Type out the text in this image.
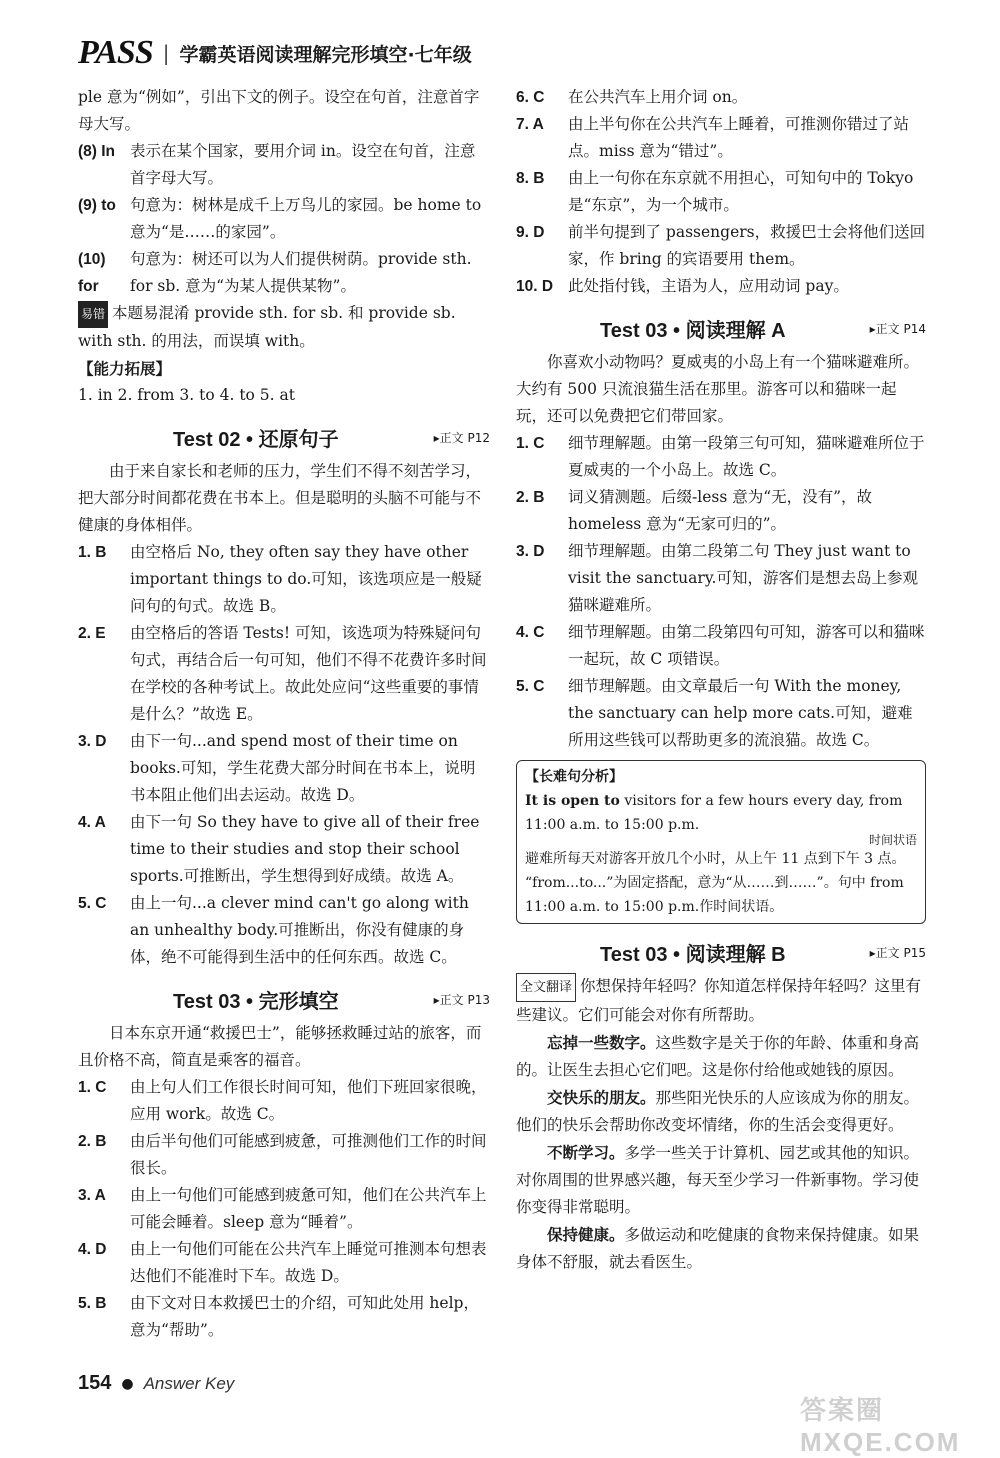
PASS | 学霸英语阅读理解完形填空·七年级
ple 意为“例如”，引出下文的例子。设空在句首，注意首字母大写。
(8) In 表示在某个国家，要用介词 in。设空在句首，注意首字母大写。
(9) to 句意为：树林是成千上万鸟儿的家园。be home to 意为“是……的家园”。
(10) for
句意为：树还可以为人们提供树荫。provide sth. for sb. 意为“为某人提供某物”。
易错 本题易混淆 provide sth. for sb. 和 provide sb. with sth. 的用法，而误填 with。
【能力拓展】
1. in 2. from 3. to 4. to 5. at
Test 02 • 还原句子	▸ 正文 P12
由于来自家长和老师的压力，学生们不得不刻苦学习，把大部分时间都花费在书本上。但是聪明的头脑不可能与不健康的身体相伴。
1. B	由空格后 No, they often say they have other important things to do.可知，该选项应是一般疑问句的句式。故选 B。
2. E	由空格后的答语 Tests! 可知，该选项为特殊疑问句句式，再结合后一句可知，他们不得不花费许多时间在学校的各种考试上。故此处应问“这些重要的事情是什么？”故选 E。
3. D	由下一句...and spend most of their time on books.可知，学生花费大部分时间在书本上，说明书本阻止他们出去运动。故选 D。
4. A	由下一句 So they have to give all of their free time to their studies and stop their school sports.可推断出，学生想得到好成绩。故选 A。
5. C	由上一句...a clever mind can't go along with an unhealthy body.可推断出，你没有健康的身体，绝不可能得到生活中的任何东西。故选 C。
Test 03 • 完形填空	▸ 正文 P13
日本东京开通“救援巴士”，能够拯救睡过站的旅客，而且价格不高，简直是乘客的福音。
1. C	由上句人们工作很长时间可知，他们下班回家很晚，应用 work。故选 C。
2. B	由后半句他们可能感到疲惫，可推测他们工作的时间很长。
3. A	由上一句他们可能感到疲惫可知，他们在公共汽车上可能会睡着。sleep 意为“睡着”。
4. D	由上一句他们可能在公共汽车上睡觉可推测本句想表达他们不能准时下车。故选 D。
5. B	由下文对日本救援巴士的介绍，可知此处用 help，意为“帮助”。
6. C	在公共汽车上用介词 on。
7. A	由上半句你在公共汽车上睡着，可推测你错过了站点。miss 意为“错过”。
8. B	由上一句你在东京就不用担心，可知句中的 Tokyo 是“东京”，为一个城市。
9. D	前半句提到了 passengers，救援巴士会将他们送回家，作 bring 的宾语要用 them。
10. D 此处指付钱，主语为人，应用动词 pay。
Test 03 • 阅读理解 A	▸ 正文 P14
你喜欢小动物吗？夏威夷的小岛上有一个猫咪避难所。大约有 500 只流浪猫生活在那里。游客可以和猫咪一起玩，还可以免费把它们带回家。
1. C	细节理解题。由第一段第三句可知，猫咪避难所位于夏威夷的一个小岛上。故选 C。
2. B	词义猜测题。后缀-less 意为“无，没有”，故homeless 意为“无家可归的”。
3. D	细节理解题。由第二段第二句 They just want to visit the sanctuary.可知，游客们是想去岛上参观猫咪避难所。
4. C	细节理解题。由第二段第四句可知，游客可以和猫咪一起玩，故 C 项错误。
5. C	细节理解题。由文章最后一句 With the money, the sanctuary can help more cats.可知，避难所用这些钱可以帮助更多的流浪猫。故选 C。
【长难句分析】
It is open to visitors for a few hours every day, from 11:00 a.m. to 15:00 p.m.
时间状语
避难所每天对游客开放几个小时，从上午 11 点到下午 3 点。
“from...to...”为固定搭配，意为“从……到……”。句中 from 11:00 a.m. to 15:00 p.m.作时间状语。
Test 03 • 阅读理解 B	▸ 正文 P15
全文翻译 你想保持年轻吗？你知道怎样保持年轻吗？这里有些建议。它们可能会对你有所帮助。
忘掉一些数字。这些数字是关于你的年龄、体重和身高的。让医生去担心它们吧。这是你付给他或她钱的原因。
交快乐的朋友。那些阳光快乐的人应该成为你的朋友。他们的快乐会帮助你改变坏情绪，你的生活会变得更好。
不断学习。多学一些关于计算机、园艺或其他的知识。对你周围的世界感兴趣，每天至少学习一件新事物。学习使你变得非常聪明。
保持健康。多做运动和吃健康的食物来保持健康。如果身体不舒服，就去看医生。
154 ● Answer Key
答案圈 MXQE.COM
